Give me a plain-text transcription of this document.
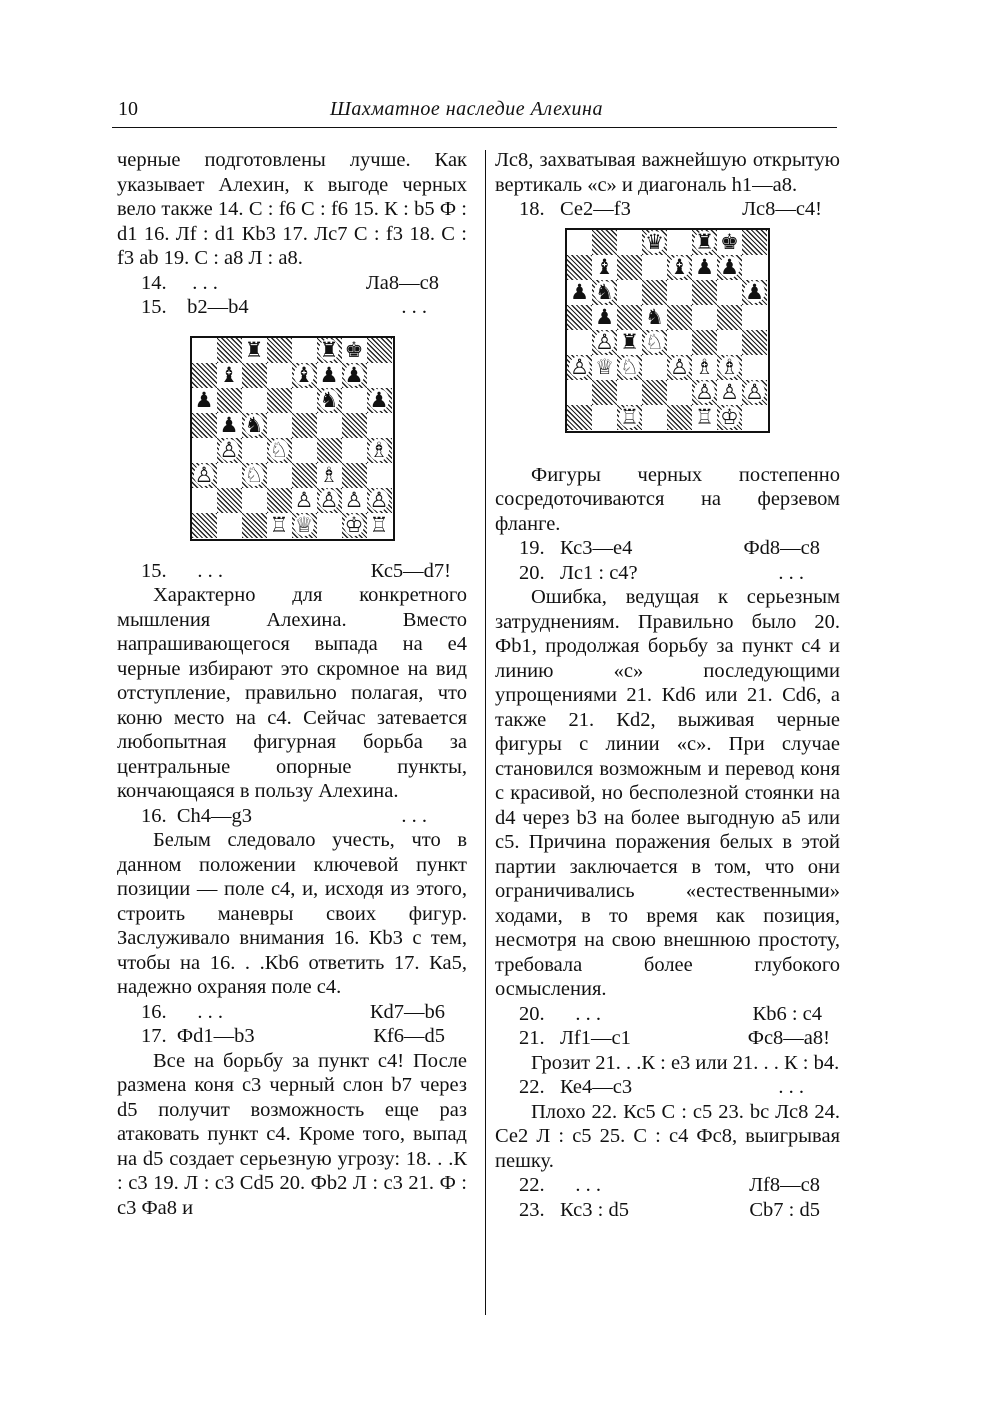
10	Шахматное наследие Алехина
черные подготовлены лучше. Как указывает Алехин, к выгоде черных вело также 14. С : f6 С : f6 15. К : b5 Ф : d1 16. Лf : d1 Кb3 17. Лс7 С : f3 18. С : f3 ab 19. С : a8 Л : a8.
14. . . .	Ла8—с8
15. b2—b4	. . .
♜	♜ ♚
♝	♝ ♟ ♟
♟	♞ ♟
♟ ♞
♙ ♘	♗
♙ ♘	♗
♙ ♙ ♙ ♙
♖ ♕ ♔ ♖
15. . . .	Кс5—d7!
Характерно для конкретного мышления Алехина. Вместо напрашивающегося выпада на е4 черные избирают это скромное на вид отступление, правильно полагая, что коню место на с4. Сейчас затевается любопытная фигурная борьба за центральные опорные пункты, кончающаяся в пользу Алехина.
16. Ch4—g3	. . .
Белым следовало учесть, что в данном положении ключевой пункт позиции — поле с4, и, исходя из этого, строить маневры своих фигур. Заслуживало внимания 16. Кb3 с тем, чтобы на 16. . .Кb6 ответить 17. Ка5, надежно охраняя поле с4.
16. . . .	Кd7—b6
17. Фd1—b3	Кf6—d5
Все на борьбу за пункт с4! После размена коня с3 черный слон b7 через d5 получит возможность еще раз атаковать пункт с4. Кроме того, выпад на d5 создает серьезную угрозу: 18. . .К : с3 19. Л : с3 Сd5 20. Фb2 Л : с3 21. Ф : с3 Фа8 и
Лс8, захватывая важнейшую открытую вертикаль «с» и диагональ h1—a8.
18. Се2—f3	Лс8—с4!
♛ ♜ ♚
♝	♝ ♟ ♟
♟ ♞	♟
♟ ♞
♙ ♜ ♘
♙ ♕ ♘ ♙ ♗ ♗
♙ ♙ ♙
♖	♖ ♔
Фигуры черных постепенно сосредоточиваются на ферзевом фланге.
19. Кс3—е4	Фd8—с8
20. Лс1 : с4?	. . .
Ошибка, ведущая к серьезным затруднениям. Правильно было 20. Фb1, продолжая борьбу за пункт с4 и линию «с» последующими упрощениями 21. Кd6 или 21. Сd6, а также 21. Кd2, выживая черные фигуры с линии «с». При случае становился возможным и перевод коня с красивой, но бесполезной стоянки на d4 через b3 на более выгодную а5 или с5. Причина поражения белых в этой партии заключается в том, что они ограничивались «естественными» ходами, в то время как позиция, несмотря на свою внешнюю простоту, требовала более глубокого осмысления.
20. . . .	Кb6 : с4
21. Лf1—с1	Фс8—а8!
Грозит 21. . .К : е3 или 21. . . К : b4.
22. Ке4—с3	. . .
Плохо 22. Кс5 С : с5 23. bc Лс8 24. Се2 Л : с5 25. С : с4 Фс8, выигрывая пешку.
22. . . .	Лf8—с8
23. Кс3 : d5	Сb7 : d5
